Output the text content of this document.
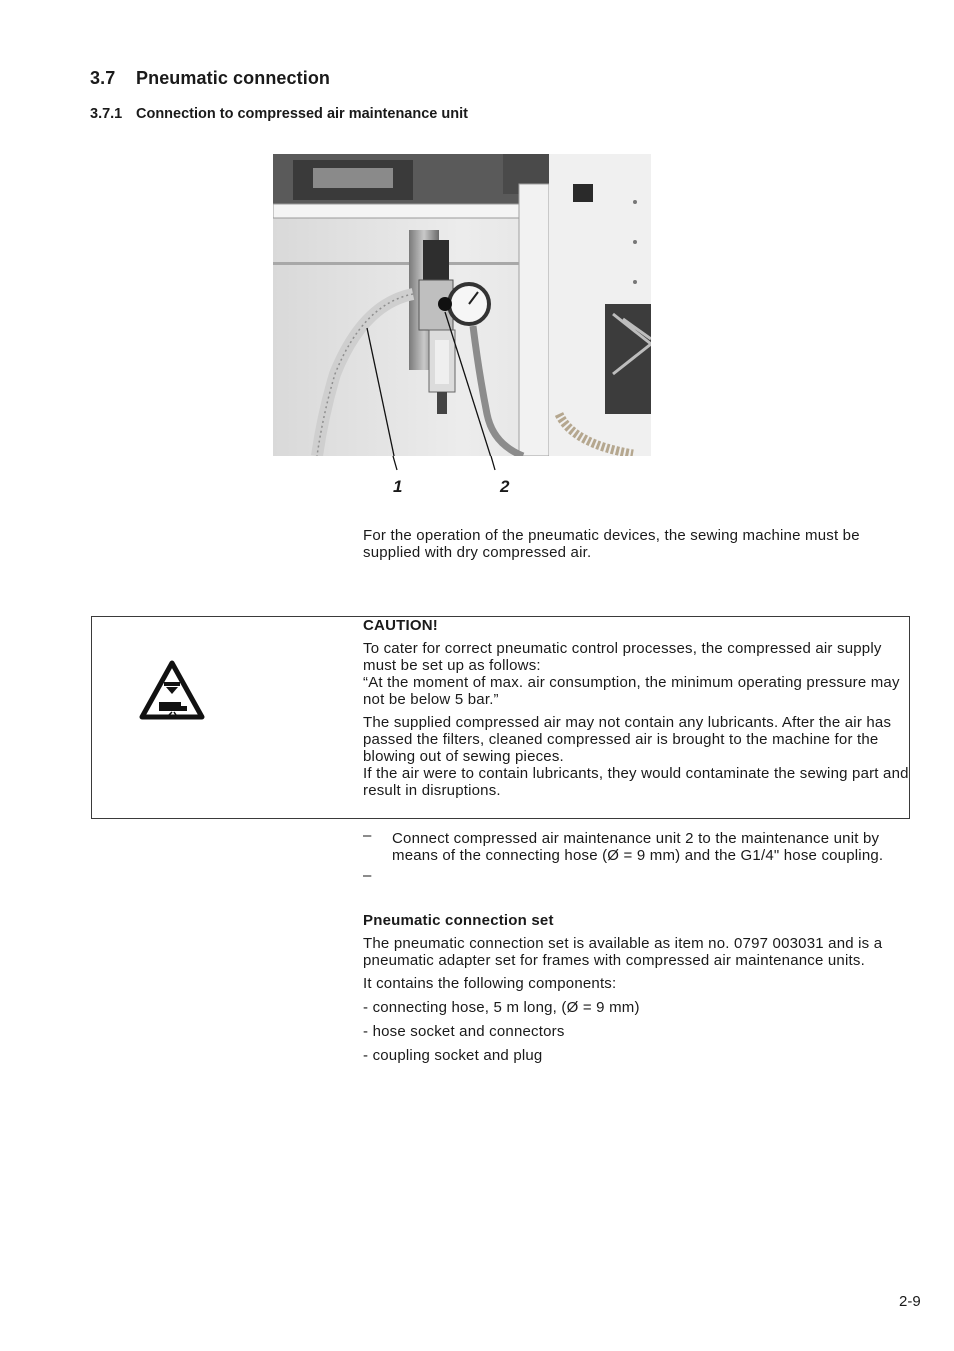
3.7 Pneumatic connection
3.7.1 Connection to compressed air maintenance unit
1	2
For the operation of the pneumatic devices, the sewing machine must be supplied with dry compressed air.
CAUTION!
To cater for correct pneumatic control processes, the compressed air supply must be set up as follows:
“At the moment of max. air consumption, the minimum operating pressure may not be below 5 bar.”
The supplied compressed air may not contain any lubricants. After the air has passed the filters, cleaned compressed air is brought to the machine for the blowing out of sewing pieces.
If the air were to contain lubricants, they would contaminate the sewing part and result in disruptions.
– Connect compressed air maintenance unit 2 to the maintenance unit by means of the connecting hose (Ø = 9 mm) and the G1/4" hose coupling.
–
Pneumatic connection set
The pneumatic connection set is available as item no. 0797 003031 and is a pneumatic adapter set for frames with compressed air maintenance units.
It contains the following components:
- connecting hose, 5 m long, (Ø = 9 mm)
- hose socket and connectors
- coupling socket and plug
2-9
